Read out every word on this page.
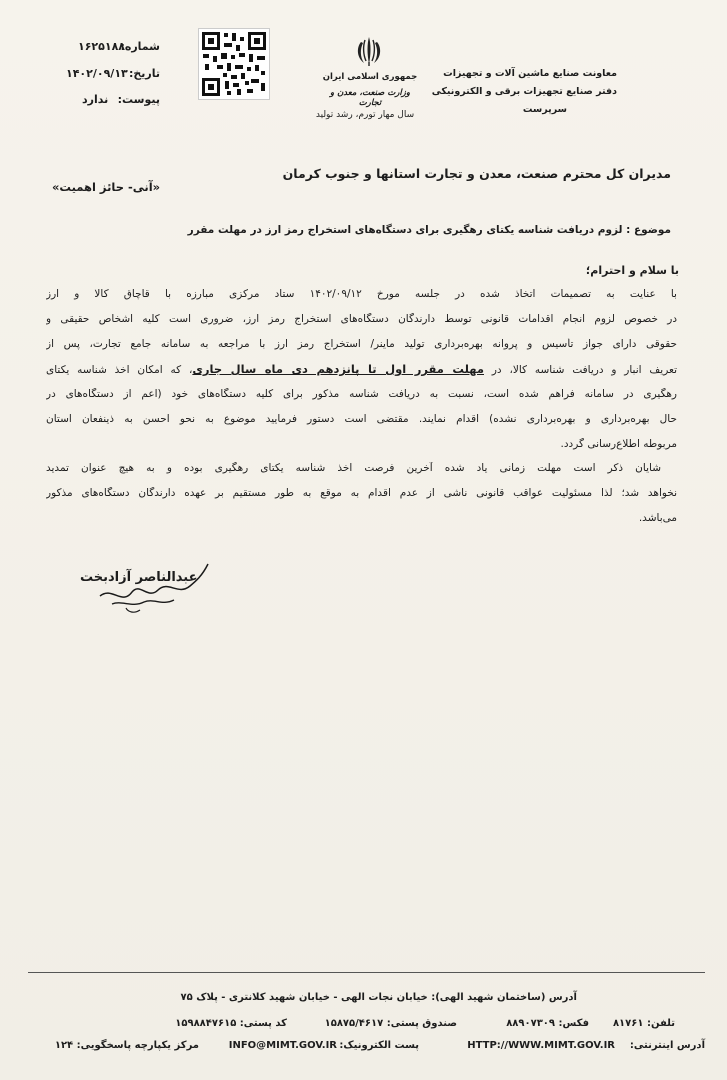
شماره:
۱۶۲۵۱۸۸
تاریخ:
۱۴۰۲/۰۹/۱۳
پیوست:
ندارد
جمهوری اسلامی ایران
وزارت صنعت، معدن و تجارت
سال مهار تورم، رشد تولید
معاونت صنایع ماشین آلات و تجهیزات
دفتر صنایع تجهیزات برقی و الکترونیکی
سرپرست
مدیران کل محترم صنعت، معدن و تجارت استانها و جنوب کرمان
«آنی- حائز اهمیت»
موضوع : لزوم دریافت شناسه یکتای رهگیری برای دستگاه‌های استخراج رمز ارز در مهلت مقرر
با سلام و احترام؛
با عنایت به تصمیمات اتخاذ شده در جلسه مورخ ۱۴۰۲/۰۹/۱۲ ستاد مرکزی مبارزه با قاچاق کالا و ارز
در خصوص لزوم انجام اقدامات قانونی توسط دارندگان دستگاه‌های استخراج رمز ارز، ضروری است کلیه اشخاص حقیقی و
حقوقی دارای جواز تأسیس و پروانه بهره‌برداری تولید ماینر/ استخراج رمز ارز با مراجعه به سامانه جامع تجارت، پس از
تعریف انبار و دریافت شناسه کالا، در مهلت مقرر اول تا پانزدهم دی ماه سال جاری، که امکان اخذ شناسه یکتای
رهگیری در سامانه فراهم شده است، نسبت به دریافت شناسه مذکور برای کلیه دستگاه‌های خود (اعم از دستگاه‌های در
حال بهره‌برداری و بهره‌برداری نشده) اقدام نمایند. مقتضی است دستور فرمایید موضوع به نحو احسن به ذینفعان استان
مربوطه اطلاع‌رسانی گردد.
شایان ذکر است مهلت زمانی یاد شده آخرین فرصت اخذ شناسه یکتای رهگیری بوده و به هیچ عنوان تمدید
نخواهد شد؛ لذا مسئولیت عواقب قانونی ناشی از عدم اقدام به موقع به طور مستقیم بر عهده دارندگان دستگاه‌های مذکور
می‌باشد.
عبدالناصر آزادبخت
آدرس (ساختمان شهید الهی): خیابان نجات الهی - خیابان شهید کلانتری - پلاک ۷۵
تلفن: ۸۱۷۶۱
فکس: ۸۸۹۰۷۳۰۹
صندوق پستی: ۱۵۸۷۵/۴۶۱۷
کد پستی: ۱۵۹۸۸۴۷۶۱۵
آدرس اینترنتی:
HTTP://WWW.MIMT.GOV.IR
پست الکترونیک:
INFO@MIMT.GOV.IR
مرکز یکپارچه پاسخگویی: ۱۲۴
